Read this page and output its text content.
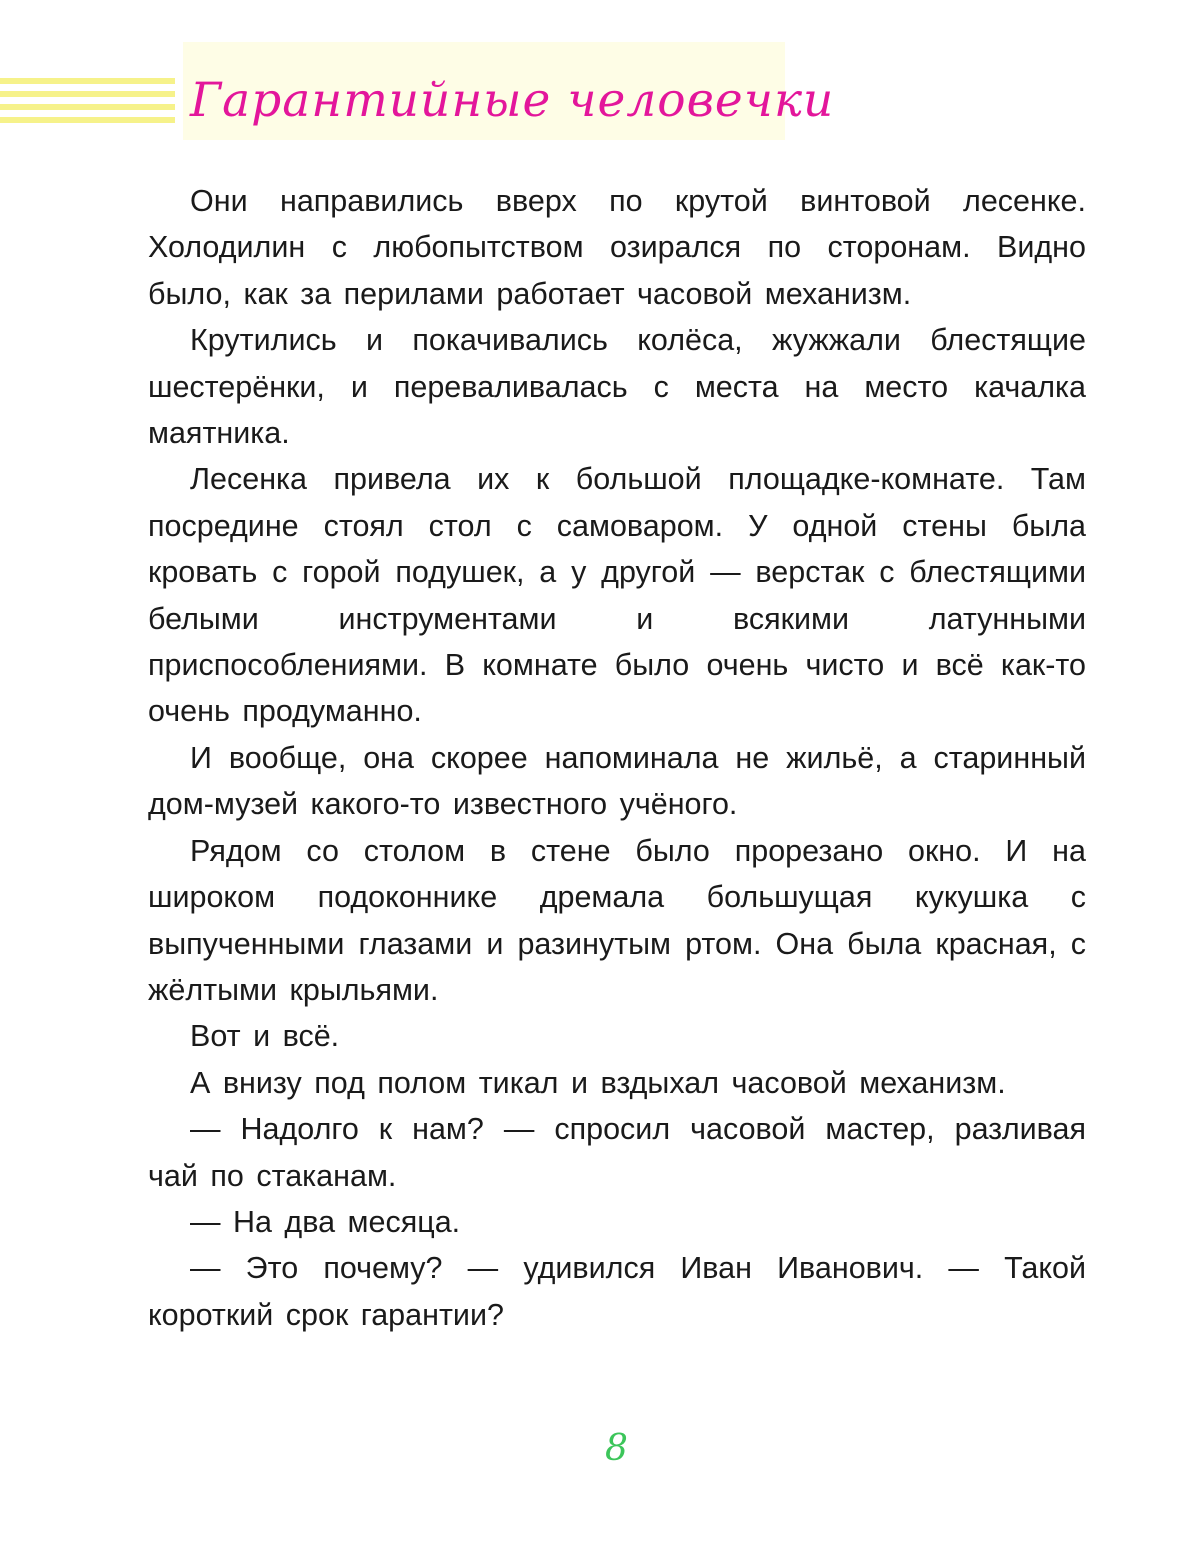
Гарантийные человечки

Они направились вверх по крутой винтовой лесенке. Холодилин с любопытством озирался по сторонам. Видно было, как за перилами работает часовой механизм.

Крутились и покачивались колёса, жужжали блестящие шестерёнки, и переваливалась с места на место качалка маятника.

Лесенка привела их к большой площадке-комнате. Там посредине стоял стол с самоваром. У одной стены была кровать с горой подушек, а у другой — верстак с блестящими белыми инструментами и всякими латунными приспособлениями. В комнате было очень чисто и всё как-то очень продуманно.

И вообще, она скорее напоминала не жильё, а старинный дом-музей какого-то известного учёного.

Рядом со столом в стене было прорезано окно. И на широком подоконнике дремала большущая кукушка с выпученными глазами и разинутым ртом. Она была красная, с жёлтыми крыльями.

Вот и всё.

А внизу под полом тикал и вздыхал часовой механизм.

— Надолго к нам? — спросил часовой мастер, разливая чай по стаканам.

— На два месяца.

— Это почему? — удивился Иван Иванович. — Такой короткий срок гарантии?

8
